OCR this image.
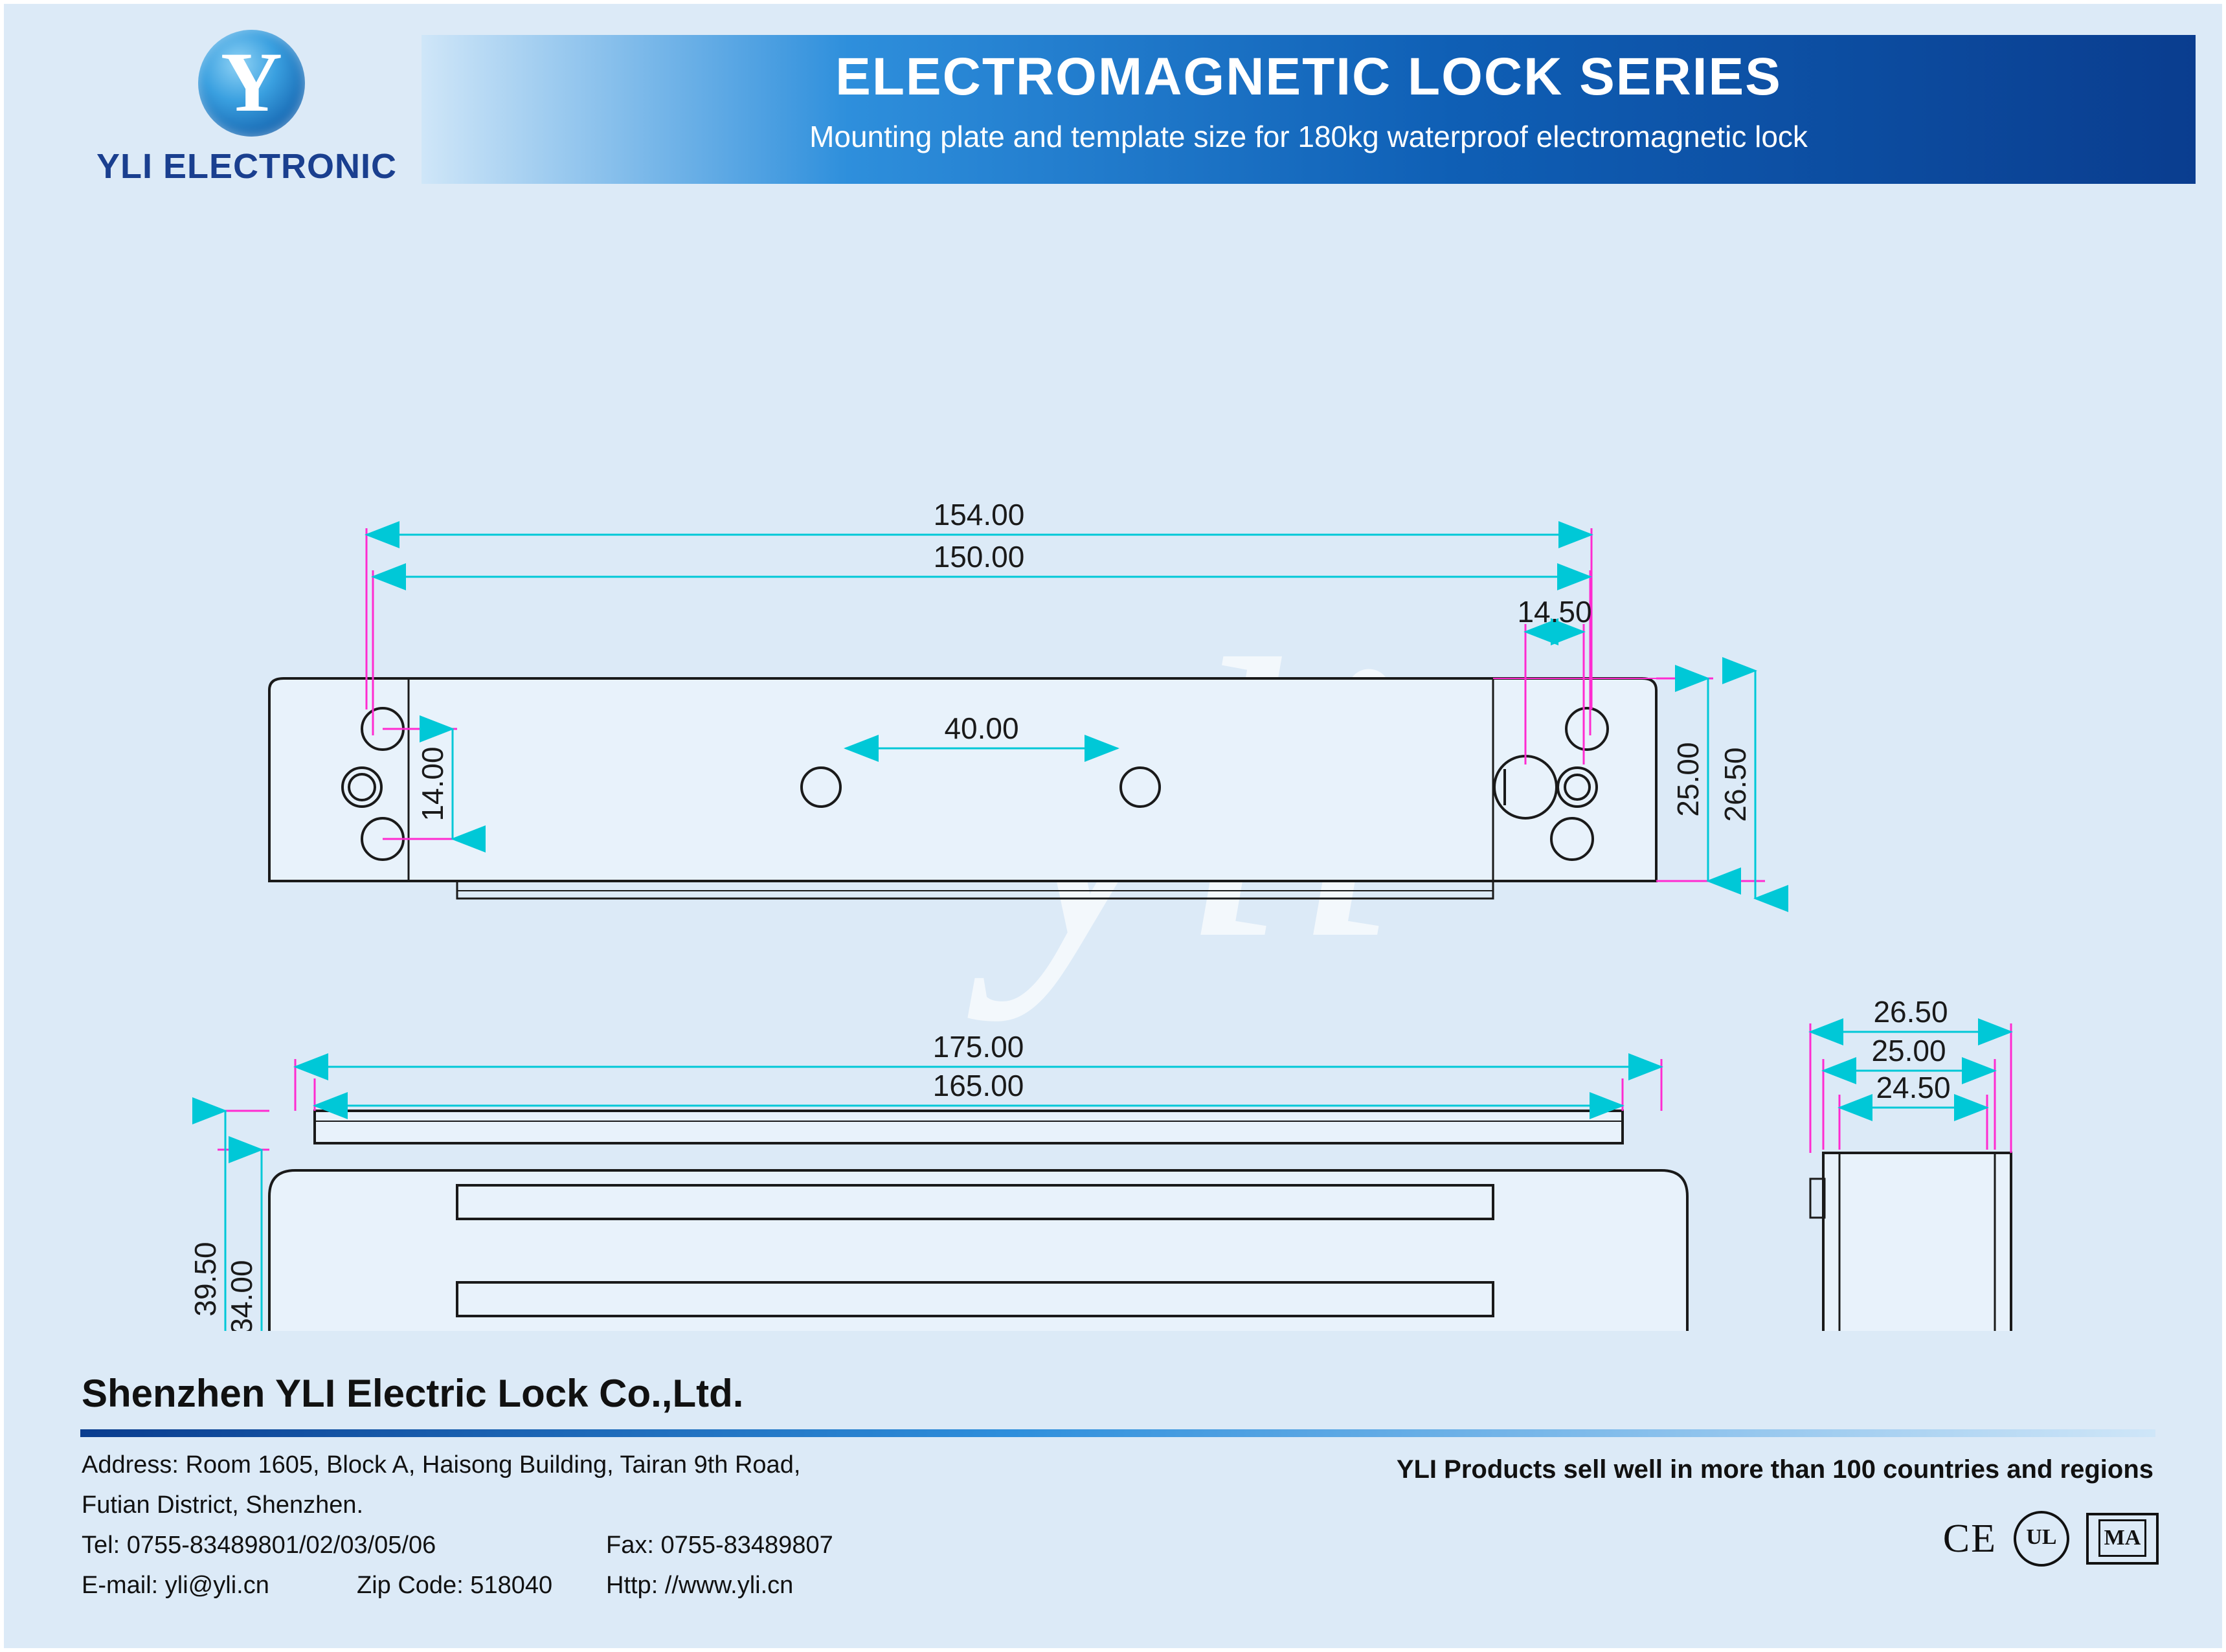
Y
YLI ELECTRONIC
ELECTROMAGNETIC LOCK SERIES
Mounting plate and template size for 180kg waterproof electromagnetic lock
154.00
150.00
14.50
40.00
14.00	25.00 26.50
175.00
165.00
39.50 34.00
26.50
25.00
24.50
Shenzhen YLI Electric Lock Co.,Ltd.
Address: Room 1605, Block A, Haisong Building, Tairan 9th Road,
Futian District, Shenzhen.
Tel: 0755-83489801/02/03/05/06	Fax: 0755-83489807
E-mail: yli@yli.cn	Zip Code: 518040 Http: //www.yli.cn
YLI Products sell well in more than 100 countries and regions
CE	UL	MA
